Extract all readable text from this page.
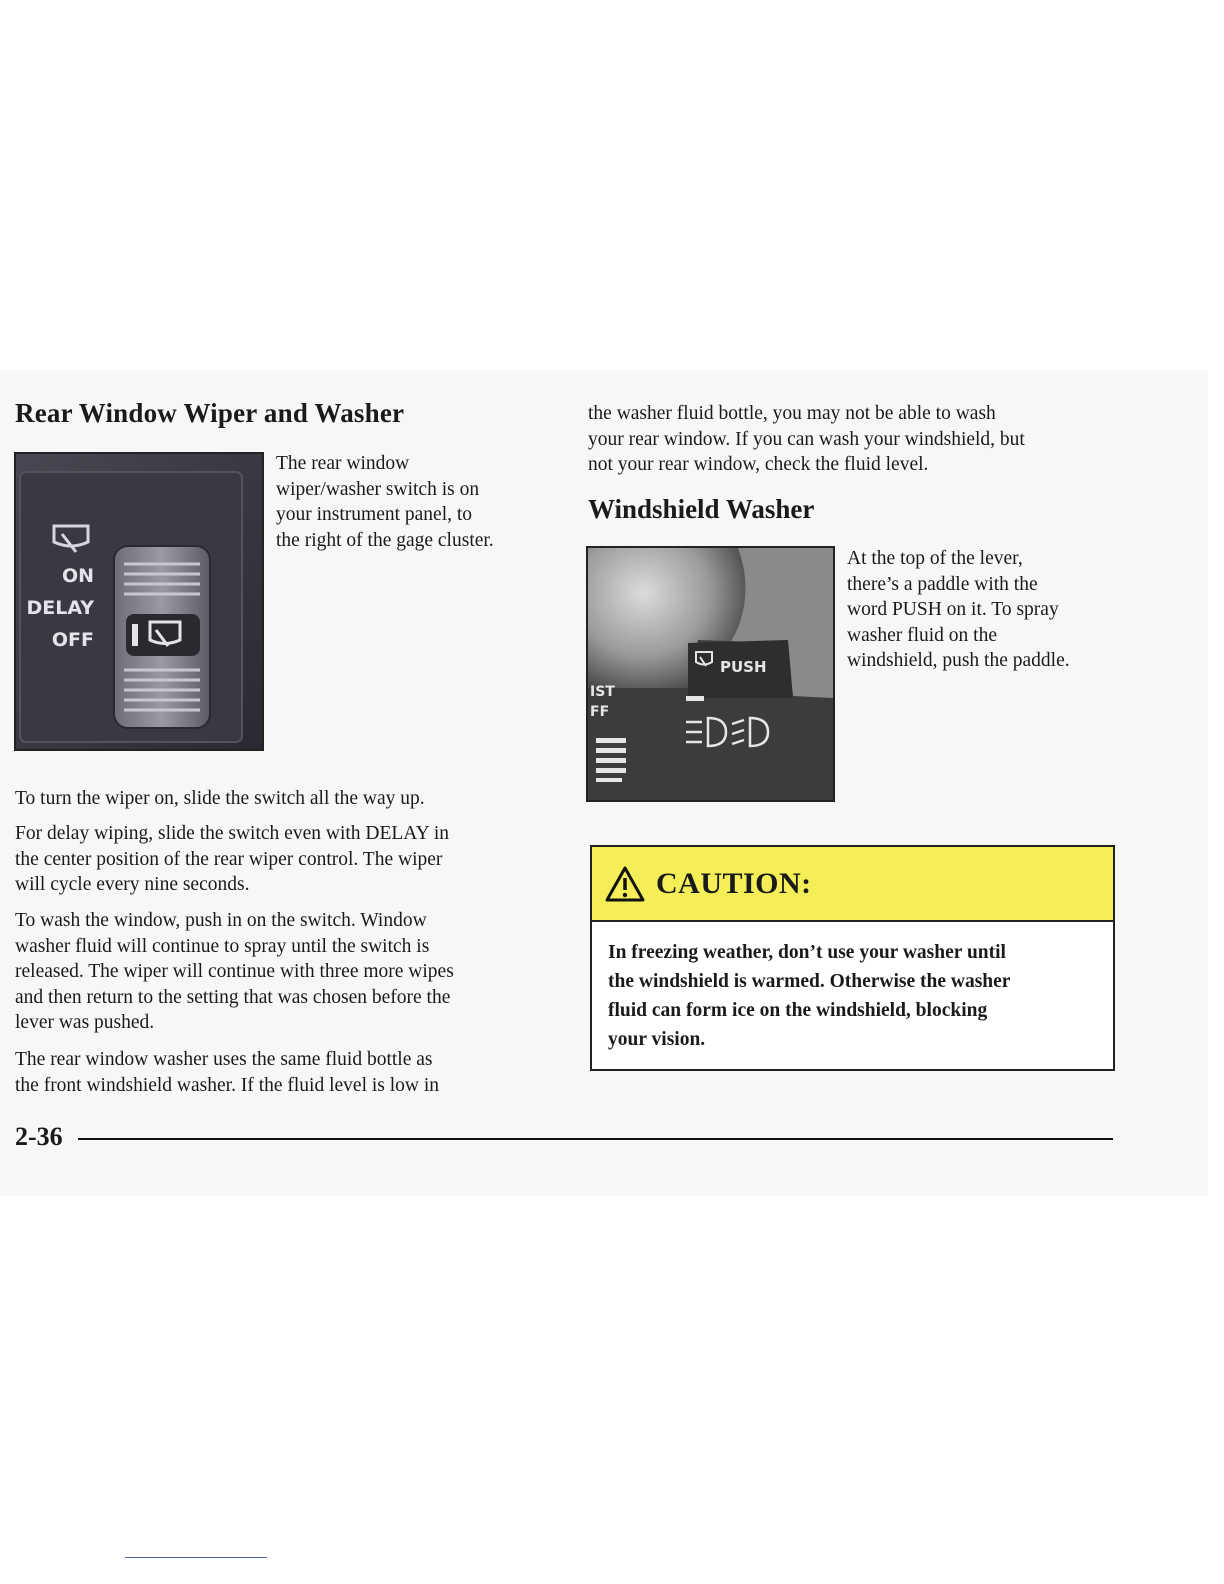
Rear Window Wiper and Washer
ON
DELAY
OFF
The rear window
wiper/washer switch is on
your instrument panel, to
the right of the gage cluster.
To turn the wiper on, slide the switch all the way up.
For delay wiping, slide the switch even with DELAY in
the center position of the rear wiper control. The wiper
will cycle every nine seconds.
To wash the window, push in on the switch. Window
washer fluid will continue to spray until the switch is
released. The wiper will continue with three more wipes
and then return to the setting that was chosen before the
lever was pushed.
The rear window washer uses the same fluid bottle as
the front windshield washer. If the fluid level is low in
the washer fluid bottle, you may not be able to wash
your rear window. If you can wash your windshield, but
not your rear window, check the fluid level.
Windshield Washer
PUSH
IST
FF
At the top of the lever,
there’s a paddle with the
word PUSH on it. To spray
washer fluid on the
windshield, push the paddle.
CAUTION:
In freezing weather, don’t use your washer until
the windshield is warmed. Otherwise the washer
fluid can form ice on the windshield, blocking
your vision.
2-36
